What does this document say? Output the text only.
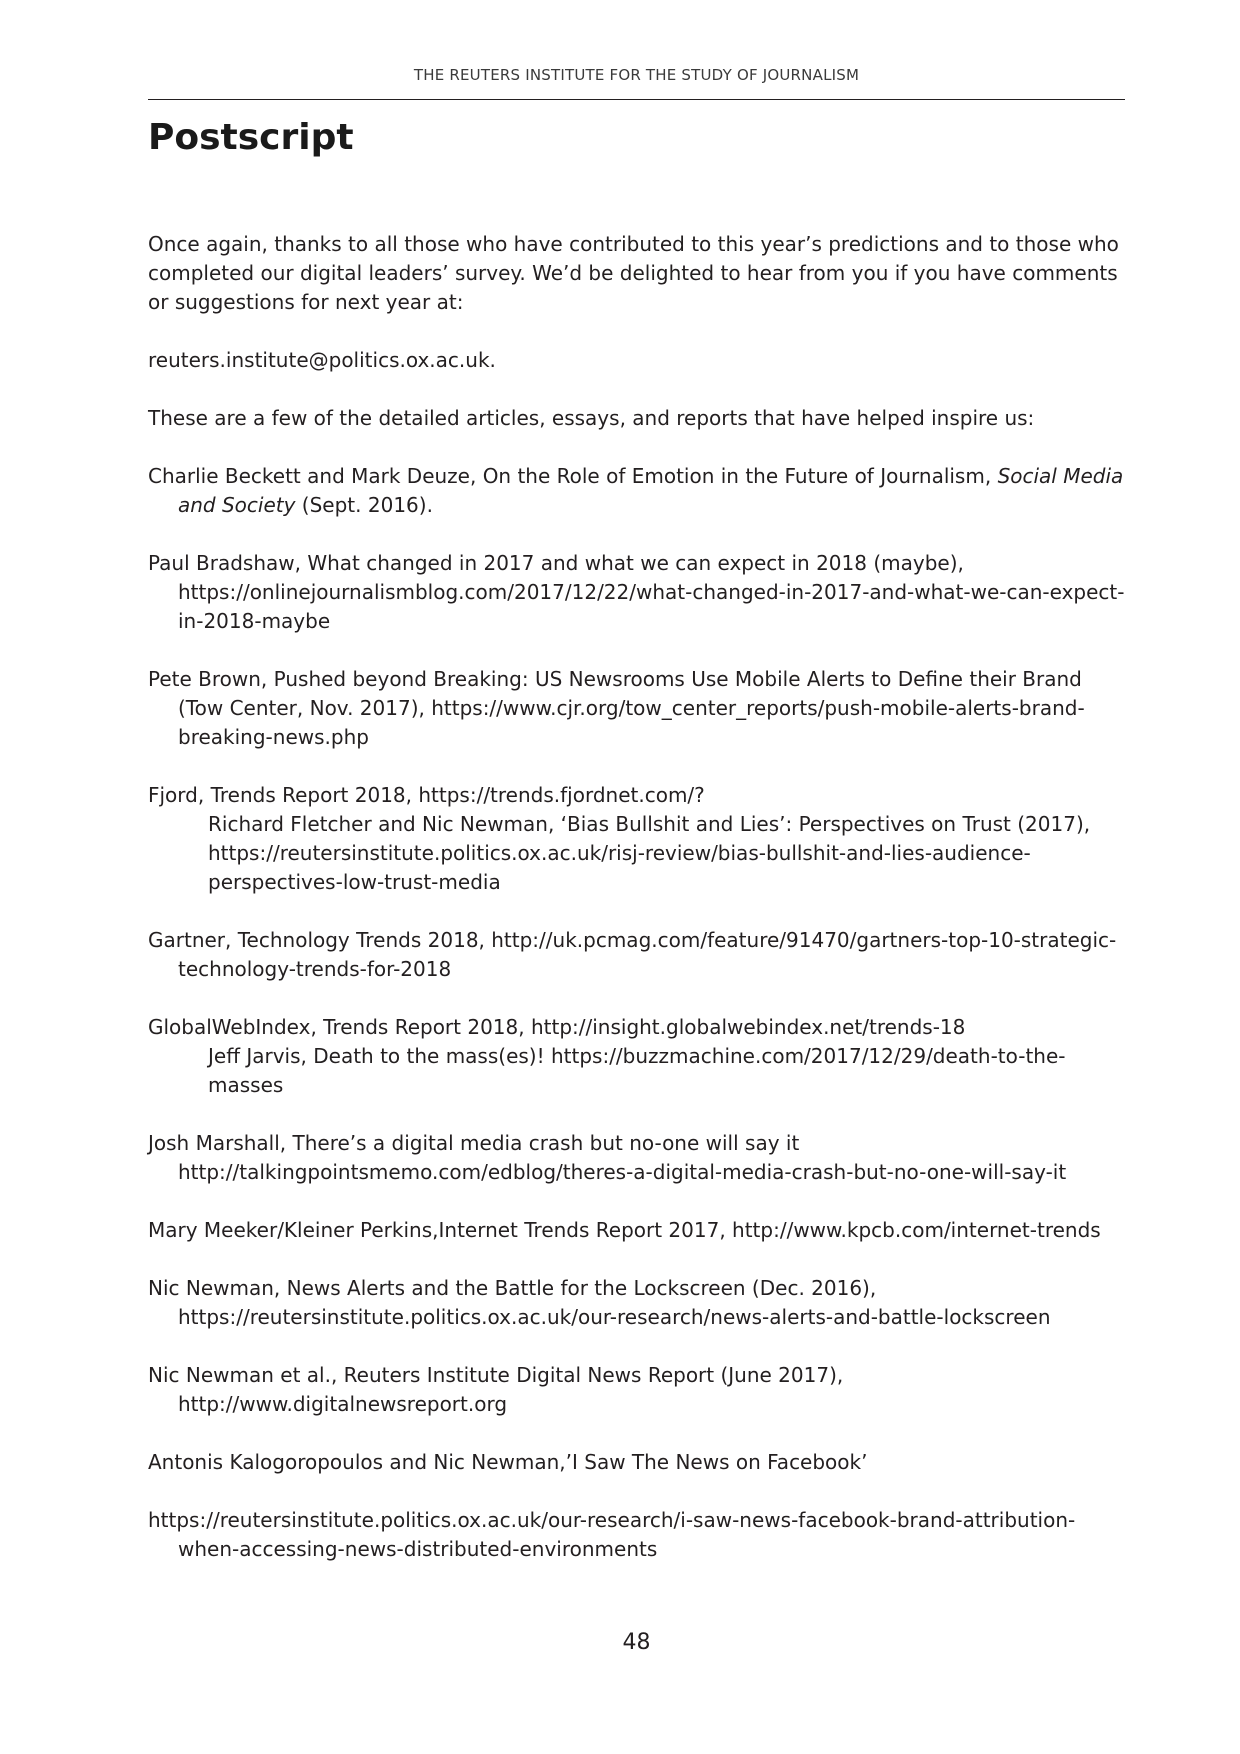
THE REUTERS INSTITUTE FOR THE STUDY OF JOURNALISM
Postscript

Once again, thanks to all those who have contributed to this year’s predictions and to those who completed our digital leaders’ survey. We’d be delighted to hear from you if you have comments or suggestions for next year at:

reuters.institute@politics.ox.ac.uk.

These are a few of the detailed articles, essays, and reports that have helped inspire us:

Charlie Beckett and Mark Deuze, On the Role of Emotion in the Future of Journalism, Social Media and Society (Sept. 2016).
Paul Bradshaw, What changed in 2017 and what we can expect in 2018 (maybe), https://onlinejournalismblog.com/2017/12/22/what-changed-in-2017-and-what-we-can-expect-in-2018-maybe
Pete Brown, Pushed beyond Breaking: US Newsrooms Use Mobile Alerts to Define their Brand (Tow Center, Nov. 2017), https://www.cjr.org/tow_center_reports/push-mobile-alerts-brand-breaking-news.php
Fjord, Trends Report 2018, https://trends.fjordnet.com/?
Richard Fletcher and Nic Newman, ‘Bias Bullshit and Lies’: Perspectives on Trust (2017), https://reutersinstitute.politics.ox.ac.uk/risj-review/bias-bullshit-and-lies-audience-perspectives-low-trust-media
Gartner, Technology Trends 2018, http://uk.pcmag.com/feature/91470/gartners-top-10-strategic-technology-trends-for-2018
GlobalWebIndex, Trends Report 2018, http://insight.globalwebindex.net/trends-18
Jeff Jarvis, Death to the mass(es)! https://buzzmachine.com/2017/12/29/death-to-the-masses
Josh Marshall, There’s a digital media crash but no-one will say it http://talkingpointsmemo.com/edblog/theres-a-digital-media-crash-but-no-one-will-say-it
Mary Meeker/Kleiner Perkins,Internet Trends Report 2017, http://www.kpcb.com/internet-trends
Nic Newman, News Alerts and the Battle for the Lockscreen (Dec. 2016), https://reutersinstitute.politics.ox.ac.uk/our-research/news-alerts-and-battle-lockscreen
Nic Newman et al., Reuters Institute Digital News Report (June 2017), http://www.digitalnewsreport.org
Antonis Kalogoropoulos and Nic Newman,’I Saw The News on Facebook’
https://reutersinstitute.politics.ox.ac.uk/our-research/i-saw-news-facebook-brand-attribution-when-accessing-news-distributed-environments
48
